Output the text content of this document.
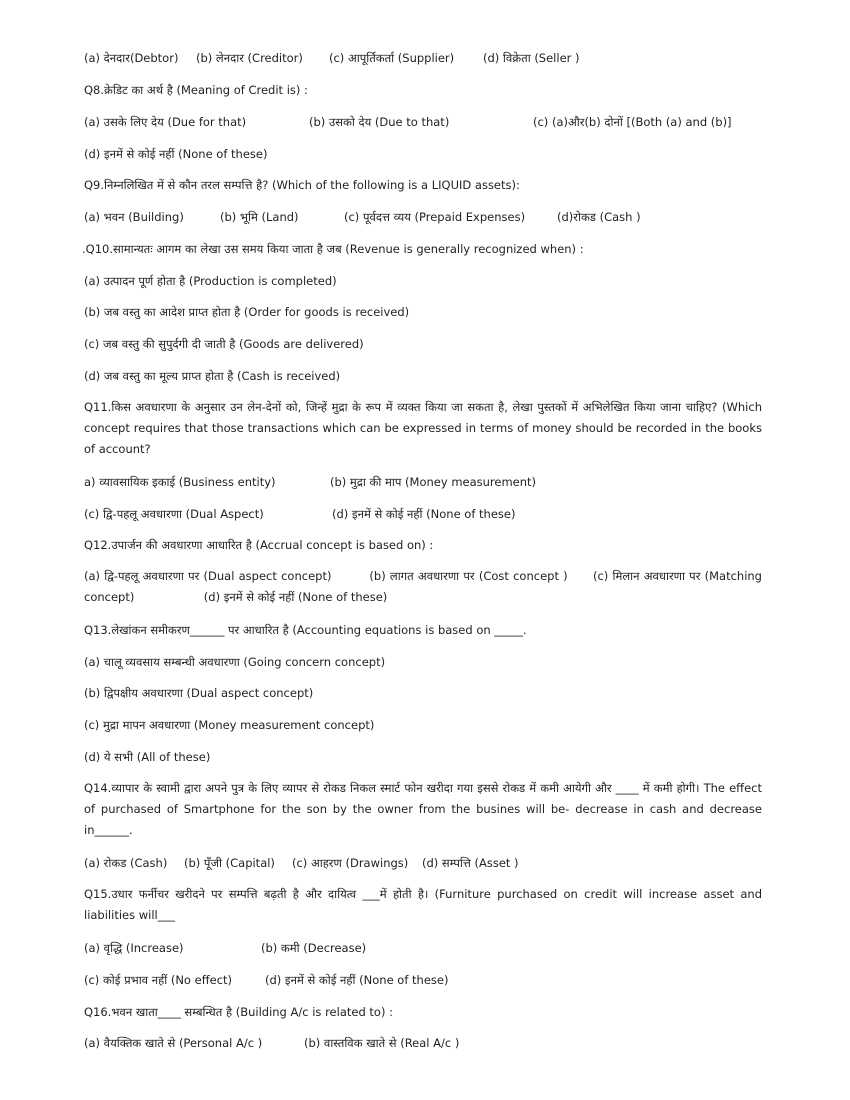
(a) देनदार(Debtor) (b) लेनदार (Creditor) (c) आपूर्तिकर्ता (Supplier)	(d) विक्रेता (Seller )
Q8.क्रेडिट का अर्थ है (Meaning of Credit is) :
(a) उसके लिए देय (Due for that)	(b) उसको देय (Due to that)	(c) (a)और(b) दोनों [(Both (a) and (b)]
(d) इनमें से कोई नहीं (None of these)
Q9.निम्नलिखित में से कौन तरल सम्पत्ति है? (Which of the following is a LIQUID assets):
(a) भवन (Building)	(b) भूमि (Land)	(c) पूर्वदत्त व्यय (Prepaid Expenses)	(d)रोकड (Cash )
.Q10.सामान्यतः आगम का लेखा उस समय किया जाता है जब (Revenue is generally recognized when) :
(a) उत्पादन पूर्ण होता है (Production is completed)
(b) जब वस्तु का आदेश प्राप्त होता है (Order for goods is received)
(c) जब वस्तु की सुपुर्दगी दी जाती है (Goods are delivered)
(d) जब वस्तु का मूल्य प्राप्त होता है (Cash is received)
Q11.किस अवधारणा के अनुसार उन लेन-देनों को, जिन्हें मुद्रा के रूप में व्यक्त किया जा सकता है, लेखा पुस्तकों में अभिलेखित किया जाना चाहिए? (Which concept requires that those transactions which can be expressed in terms of money should be recorded in the books of account?
a) व्यावसायिक इकाई (Business entity)	(b) मुद्रा की माप (Money measurement)
(c) द्वि-पहलू अवधारणा (Dual Aspect)	(d) इनमें से कोई नहीं (None of these)
Q12.उपार्जन की अवधारणा आधारित है (Accrual concept is based on) :
(a) द्वि-पहलू अवधारणा पर (Dual aspect concept)         (b) लागत अवधारणा पर (Cost concept )      (c) मिलान अवधारणा पर (Matching concept)                   (d) इनमें से कोई नहीं (None of these)
Q13.लेखांकन समीकरण______ पर आधारित है (Accounting equations is based on _____.
(a) चालू व्यवसाय सम्बन्धी अवधारणा (Going concern concept)
(b) द्विपक्षीय अवधारणा (Dual aspect concept)
(c) मुद्रा मापन अवधारणा (Money measurement concept)
(d) ये सभी (All of these)
Q14.व्यापार के स्वामी द्वारा अपने पुत्र के लिए व्यापर से रोकड निकल स्मार्ट फोन खरीदा गया इससे रोकड में कमी आयेगी और ____ में कमी होगी। The effect of purchased of Smartphone for the son by the owner from the busines will be- decrease in cash and decrease in______.
(a) रोकड (Cash) (b) पूँजी (Capital) (c) आहरण (Drawings) (d) सम्पत्ति (Asset )
Q15.उधार फर्नीचर खरीदने पर सम्पत्ति बढ़ती है और दायित्व ___में होती है। (Furniture purchased on credit will increase asset and liabilities will___
(a) वृद्धि (Increase)	(b) कमी (Decrease)
(c) कोई प्रभाव नहीं (No effect)	(d) इनमें से कोई नहीं (None of these)
Q16.भवन खाता____ सम्बन्धित है (Building A/c is related to) :
(a) वैयक्तिक खाते से (Personal A/c )	(b) वास्तविक खाते से (Real A/c )
